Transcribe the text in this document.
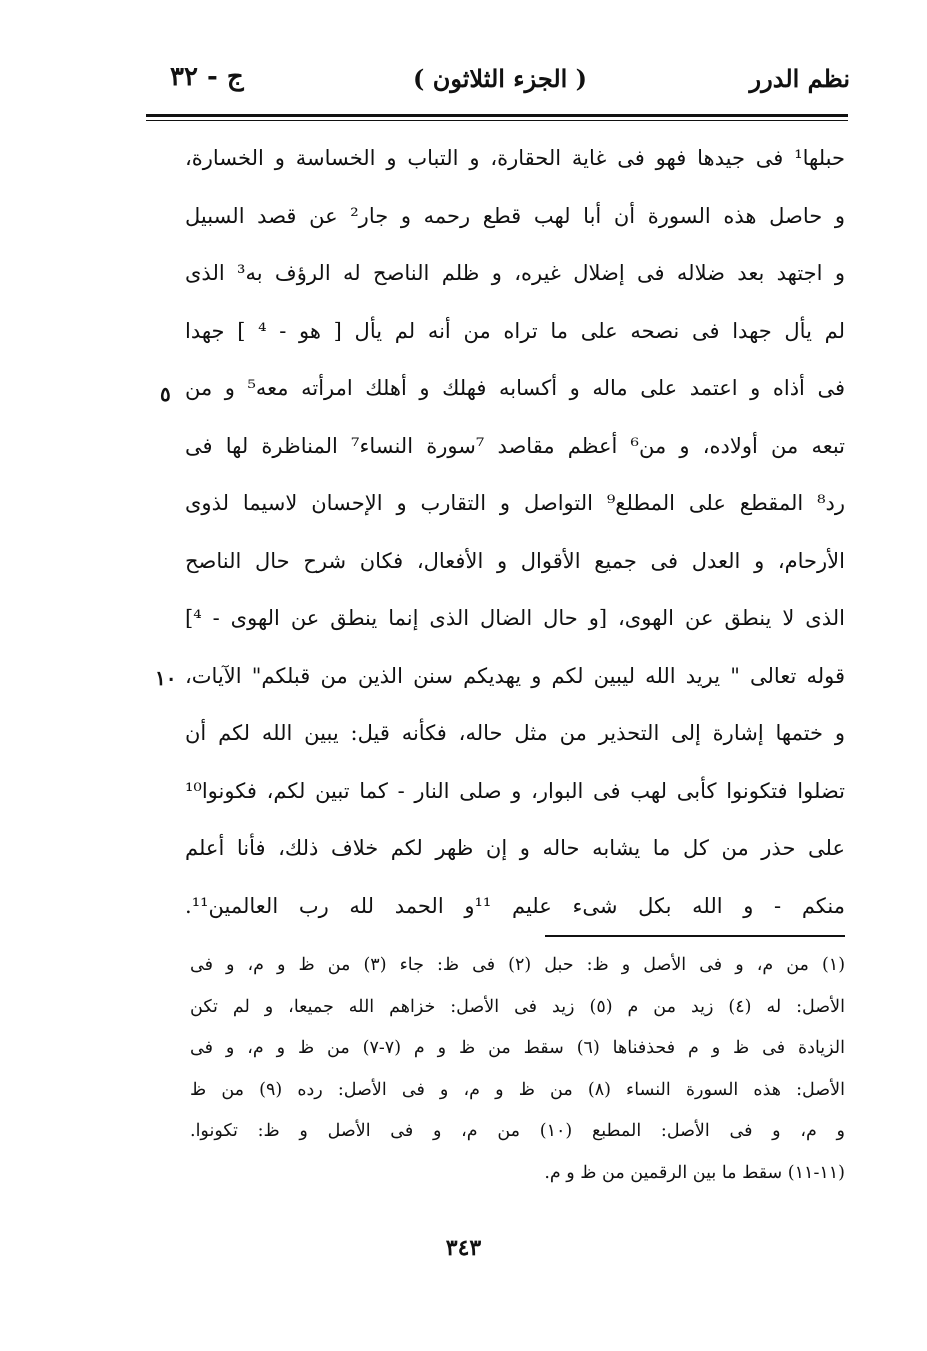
نظم الدرر
( الجزء الثلاثون )
ج - ٣٢
حبلها¹ فى جيدها فهو فى غاية الحقارة، و التباب و الخساسة و الخسارة،
و حاصل هذه السورة أن أبا لهب قطع رحمه و جار² عن قصد السبيل
و اجتهد بعد ضلاله فى إضلال غيره، و ظلم الناصح له الرؤف به³ الذى
لم يأل جهدا فى نصحه على ما تراه من أنه لم يأل [ هو - ⁴ ] جهدا
فى أذاه و اعتمد على ماله و أكسابه فهلك و أهلك امرأته معه⁵ و من
تبعه من أولاده، و من⁶ أعظم مقاصد ⁷سورة النساء⁷ المناظرة لها فى
رد⁸ المقطع على المطلع⁹ التواصل و التقارب و الإحسان لاسيما لذوى
الأرحام، و العدل فى جميع الأقوال و الأفعال، فكان شرح حال الناصح
الذى لا ينطق عن الهوى، [و حال الضال الذى إنما ينطق عن الهوى - ⁴]
قوله تعالى " يريد الله ليبين لكم و يهديكم سنن الذين من قبلكم" الآيات،
و ختمها إشارة إلى التحذير من مثل حاله، فكأنه قيل: يبين الله لكم أن
تضلوا فتكونوا كأبى لهب فى البوار، و صلى النار - كما تبين لكم، فكونوا¹⁰
على حذر من كل ما يشابه حاله و إن ظهر لكم خلاف ذلك، فأنا أعلم
منكم - و الله بكل شىء عليم ¹¹و الحمد لله رب العالمين¹¹.
٥
١٠
(١) من م، و فى الأصل و ظ: حبل (٢) فى ظ: جاء (٣) من ظ و م، و فى
الأصل: له (٤) زيد من م (٥) زيد فى الأصل: خزاهم الله جميعا، و لم تكن
الزيادة فى ظ و م فحذفناها (٦) سقط من ظ و م (٧-٧) من ظ و م، و فى
الأصل: هذه السورة النساء (٨) من ظ و م، و فى الأصل: رده (٩) من ظ
و م، و فى الأصل: المطبع (١٠) من م، و فى الأصل و ظ: تكونوا.
(١١-١١) سقط ما بين الرقمين من ظ و م.
٣٤٣
